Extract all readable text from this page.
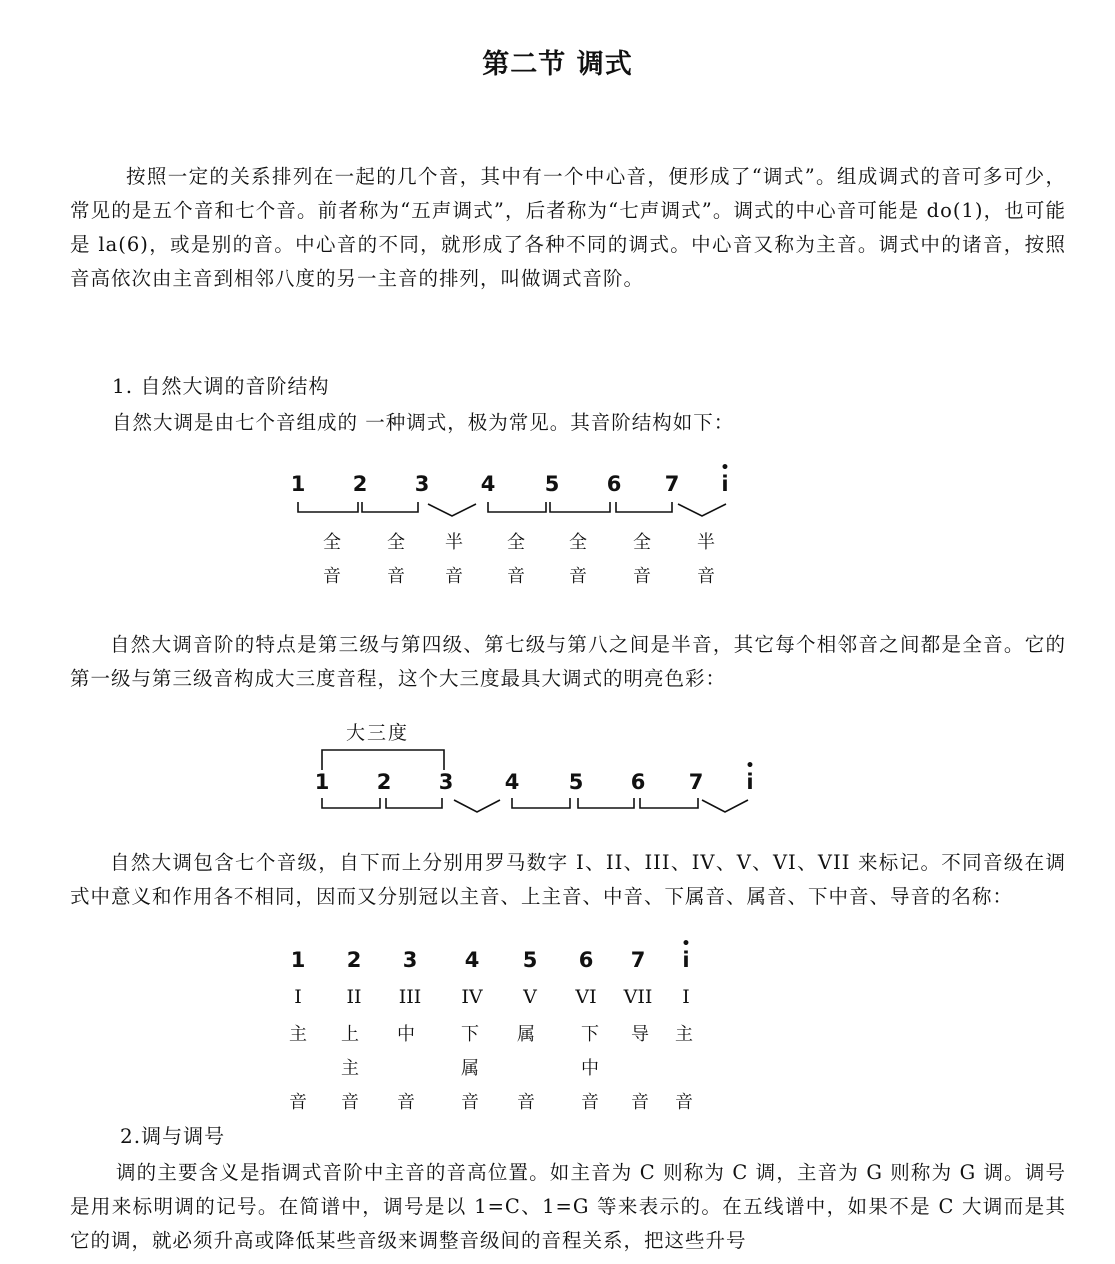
第二节 调式
按照一定的关系排列在一起的几个音，其中有一个中心音，便形成了“调式”。组成调式的音可多可少，常见的是五个音和七个音。前者称为“五声调式”，后者称为“七声调式”。调式的中心音可能是 do(1)，也可能是 la(6)，或是别的音。中心音的不同，就形成了各种不同的调式。中心音又称为主音。调式中的诸音，按照音高依次由主音到相邻八度的另一主音的排列，叫做调式音阶。
1. 自然大调的音阶结构
自然大调是由七个音组成的 一种调式，极为常见。其音阶结构如下：
1 2 3 4 5 6 7 i
•
全
音
全
音
半
音
全
音
全
音
全
音
半
音
自然大调音阶的特点是第三级与第四级、第七级与第八之间是半音，其它每个相邻音之间都是全音。它的第一级与第三级音构成大三度音程，这个大三度最具大调式的明亮色彩：
大三度
1 2 3 4 5 6 7 i
•
自然大调包含七个音级，自下而上分别用罗马数字 I、II、III、IV、V、VI、VII 来标记。不同音级在调式中意义和作用各不相同，因而又分别冠以主音、上主音、中音、下属音、属音、下中音、导音的名称：
1 2 3 4 5 6 7 i
•
I
主
音
II
上
主
音
III
中
音
IV
下
属
音
V
属
音
VI
下
中
音
VII
导
音
I
主
音
2.调与调号
调的主要含义是指调式音阶中主音的音高位置。如主音为 C 则称为 C 调，主音为 G 则称为 G 调。调号是用来标明调的记号。在简谱中，调号是以 1=C、1=G 等来表示的。在五线谱中，如果不是 C 大调而是其它的调，就必须升高或降低某些音级来调整音级间的音程关系，把这些升号
